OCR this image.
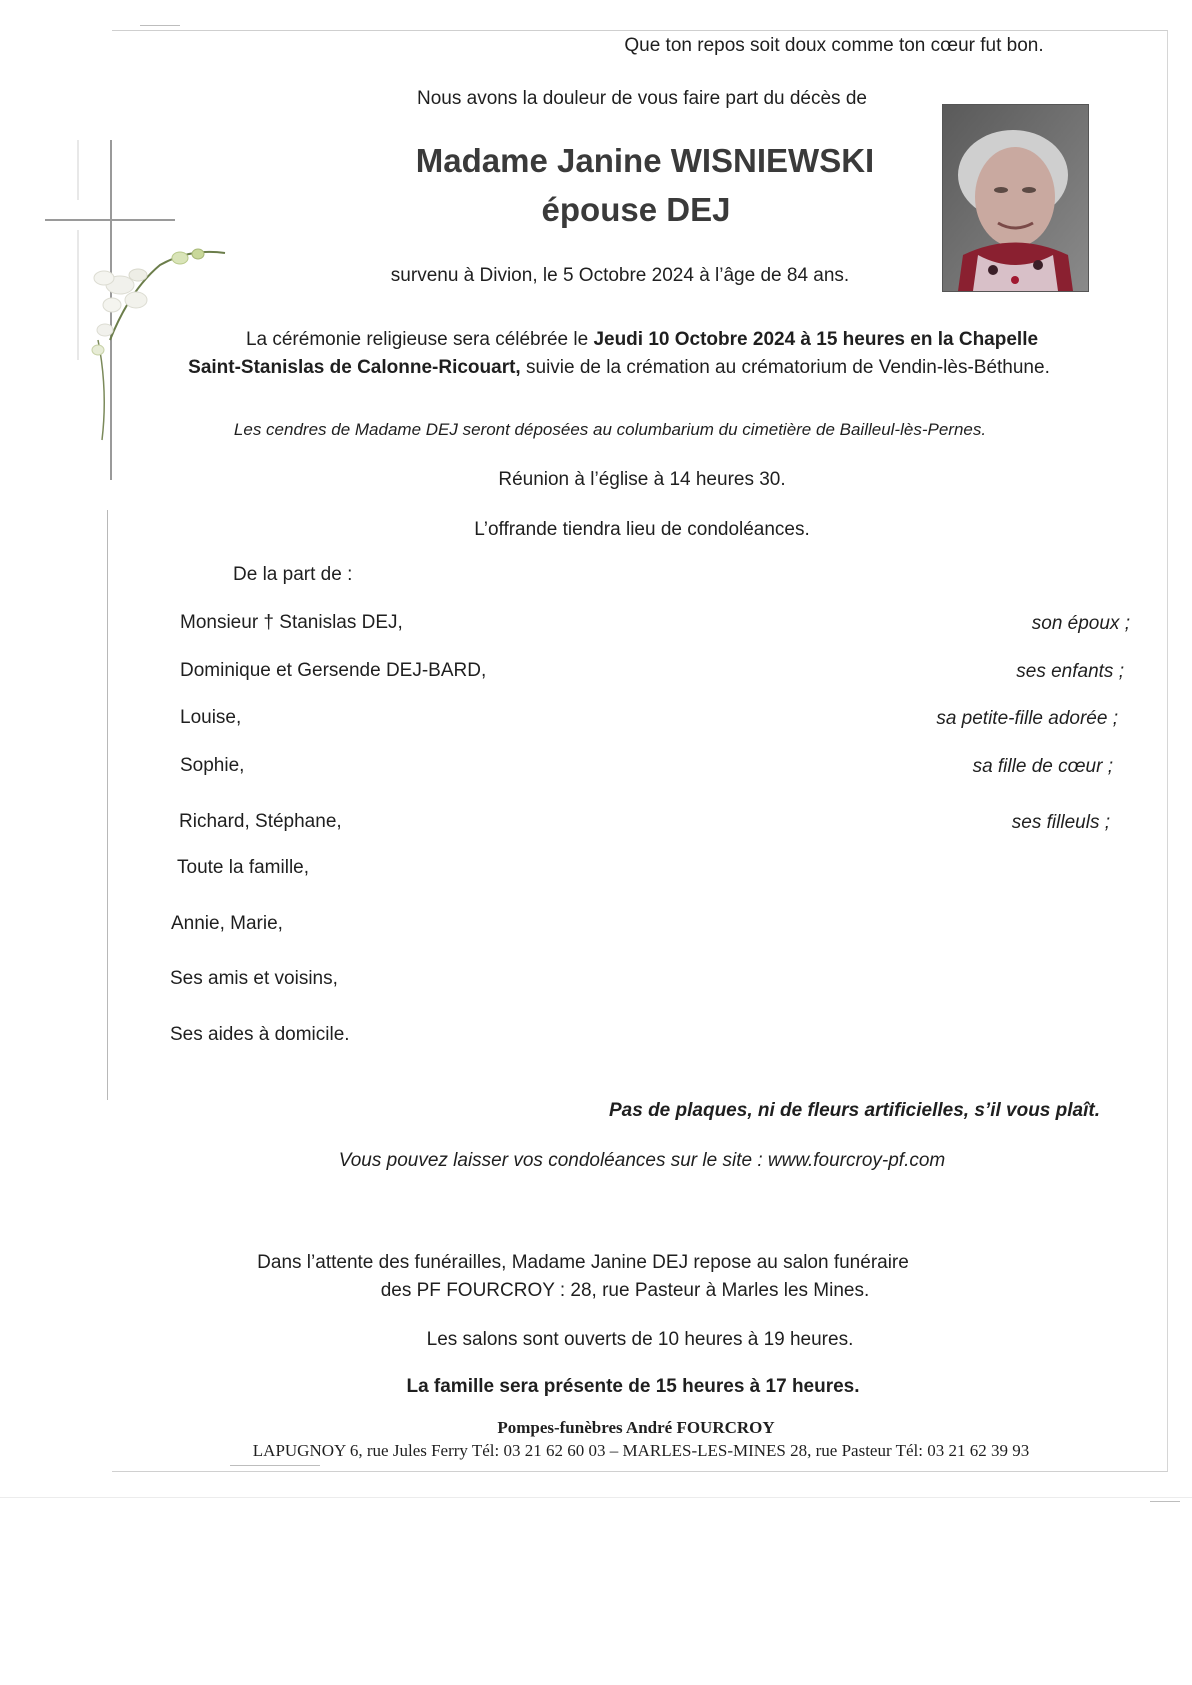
Que ton repos soit doux comme ton cœur fut bon.
Nous avons la douleur de vous faire part du décès de
Madame Janine WISNIEWSKI
épouse DEJ
survenu à Divion, le 5 Octobre 2024 à l’âge de 84 ans.
La cérémonie religieuse sera célébrée le Jeudi 10 Octobre 2024 à 15 heures en la Chapelle
Saint-Stanislas de Calonne-Ricouart, suivie de la crémation au crématorium de Vendin-lès-Béthune.
Les cendres de Madame DEJ seront déposées au columbarium du cimetière de Bailleul-lès-Pernes.
Réunion à l’église à 14 heures 30.
L’offrande tiendra lieu de condoléances.
De la part de :
Monsieur † Stanislas DEJ,	son époux ;
Dominique et Gersende DEJ-BARD,	ses enfants ;
Louise,	sa petite-fille adorée ;
Sophie,	sa fille de cœur ;
Richard, Stéphane,	ses filleuls ;
Toute la famille,
Annie, Marie,
Ses amis et voisins,
Ses aides à domicile.
Pas de plaques, ni de fleurs artificielles, s’il vous plaît.
Vous pouvez laisser vos condoléances sur le site : www.fourcroy-pf.com
Dans l’attente des funérailles, Madame Janine DEJ repose au salon funéraire
des PF FOURCROY : 28, rue Pasteur à Marles les Mines.
Les salons sont ouverts de 10 heures à 19 heures.
La famille sera présente de 15 heures à 17 heures.
Pompes-funèbres André FOURCROY
LAPUGNOY 6, rue Jules Ferry Tél: 03 21 62 60 03 – MARLES-LES-MINES 28, rue Pasteur Tél: 03 21 62 39 93
